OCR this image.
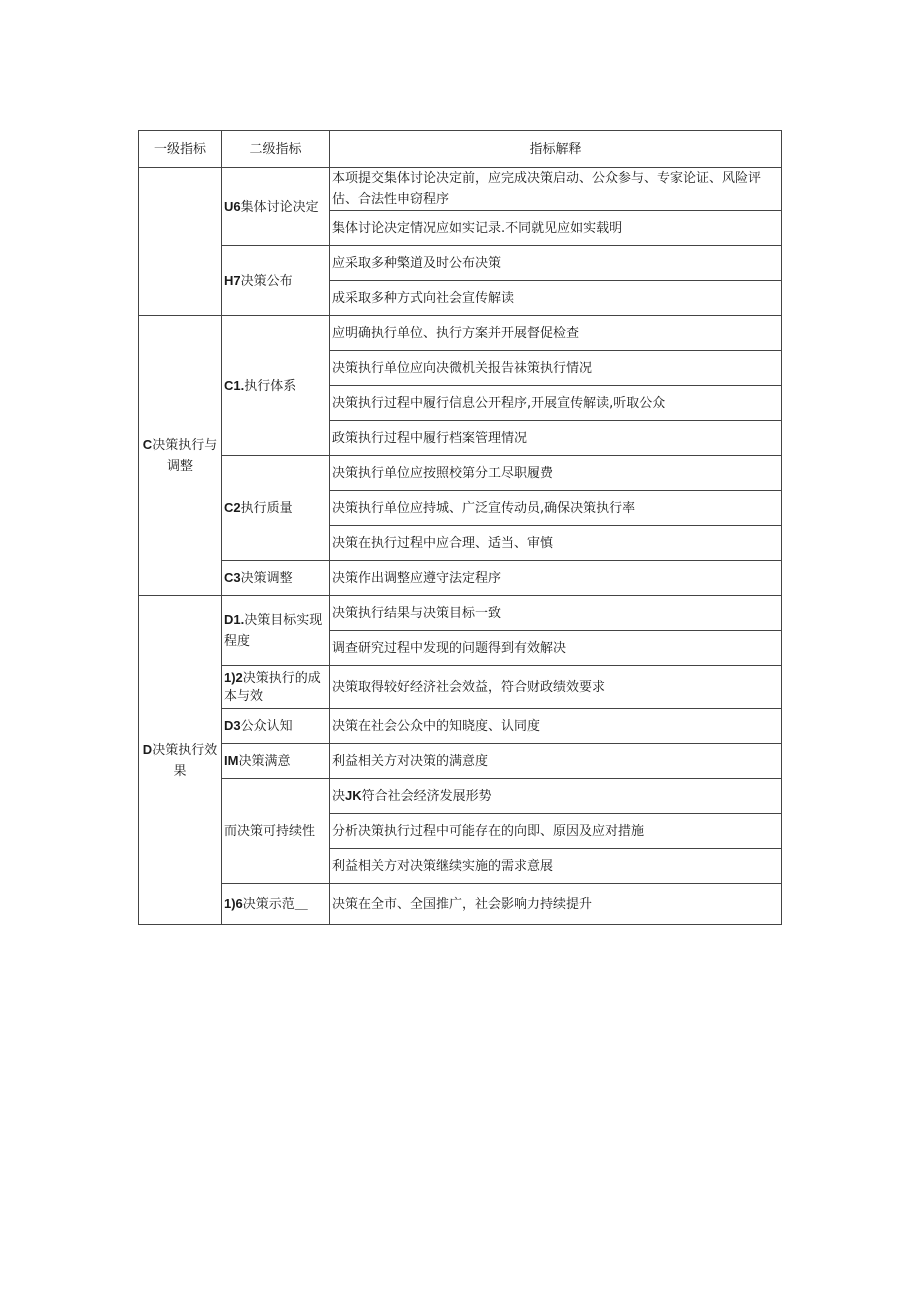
一级指标	二级指标	指标解释
	U6集体讨论决定	本项提交集体讨论决定前，应完成决策启动、公众参与、专家论证、风险评估、合法性申窃程序
		集体讨论决定情况应如实记录.不同就见应如实载明
	H7决策公布	应采取多种檠道及时公布决策
		成采取多种方式向社会宣传解读
C决策执行与调整	C1.执行体系	应明确执行单位、执行方案并开展督促检查
		决策执行单位应向决微机关报告祙策执行情况
		决策执行过程中履行信息公开程序,开展宣传解读,听取公众
		政策执行过程中履行档案管理情况
	C2执行质量	决策执行单位应按照校第分工尽职履费
		决策执行单位应持城、广泛宣传动员,确保决策执行率
		决策在执行过程中应合理、适当、审慎
	C3决策调整	决策作出调整应遵守法定程序
D决策执行效果	D1.决策目标实现程度	决策执行结果与决策目标一致
		调查研究过程中发现的问题得到有效解决
	1)2决策执行的成本与效	决策取得较好经济社会效益，符合财政绩效要求
	D3公众认知	决策在社会公众中的知晓度、认同度
	IM决策满意	利益相关方对决策的满意度
	而决策可持续性	决JK符合社会经济发展形势
		分析决策执行过程中可能存在的向即、原因及应对措施
		利益相关方对决策继续实施的需求意展
	1)6决策示范＿	决策在全市、全国推广，社会影响力持续提升
